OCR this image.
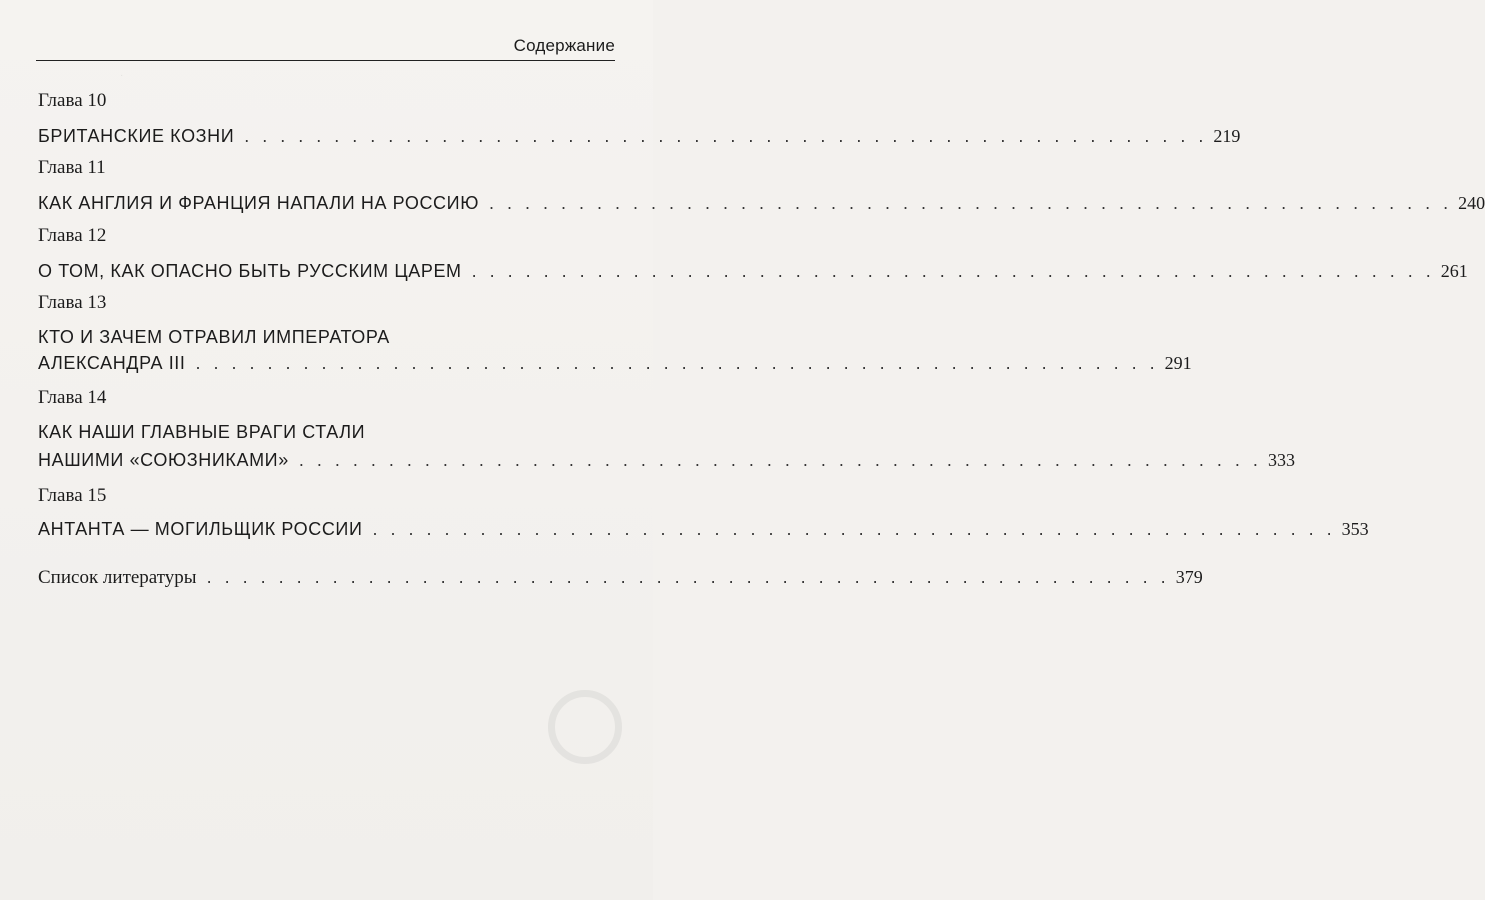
·
Содержание
Глава 10
БРИТАНСКИЕ КОЗНИ . . . . . . . . . . . . . . . . . . . . . . . . . . . . . . . . . . . . . . . . . . . . . . . . . . . . . . 219
Глава 11
КАК АНГЛИЯ И ФРАНЦИЯ НАПАЛИ НА РОССИЮ . . . . . . . . . . . . . . . . . . . . . . . . . . . . . . . . . . . . . . . . . . . . . . . . . . . . . . 240
Глава 12
О ТОМ, КАК ОПАСНО БЫТЬ РУССКИМ ЦАРЕМ . . . . . . . . . . . . . . . . . . . . . . . . . . . . . . . . . . . . . . . . . . . . . . . . . . . . . . 261
Глава 13
КТО И ЗАЧЕМ ОТРАВИЛ ИМПЕРАТОРА
АЛЕКСАНДРА III . . . . . . . . . . . . . . . . . . . . . . . . . . . . . . . . . . . . . . . . . . . . . . . . . . . . . . 291
Глава 14
КАК НАШИ ГЛАВНЫЕ ВРАГИ СТАЛИ
НАШИМИ «СОЮЗНИКАМИ» . . . . . . . . . . . . . . . . . . . . . . . . . . . . . . . . . . . . . . . . . . . . . . . . . . . . . . 333
Глава 15
АНТАНТА — МОГИЛЬЩИК РОССИИ . . . . . . . . . . . . . . . . . . . . . . . . . . . . . . . . . . . . . . . . . . . . . . . . . . . . . . 353
Список литературы . . . . . . . . . . . . . . . . . . . . . . . . . . . . . . . . . . . . . . . . . . . . . . . . . . . . . . 379
